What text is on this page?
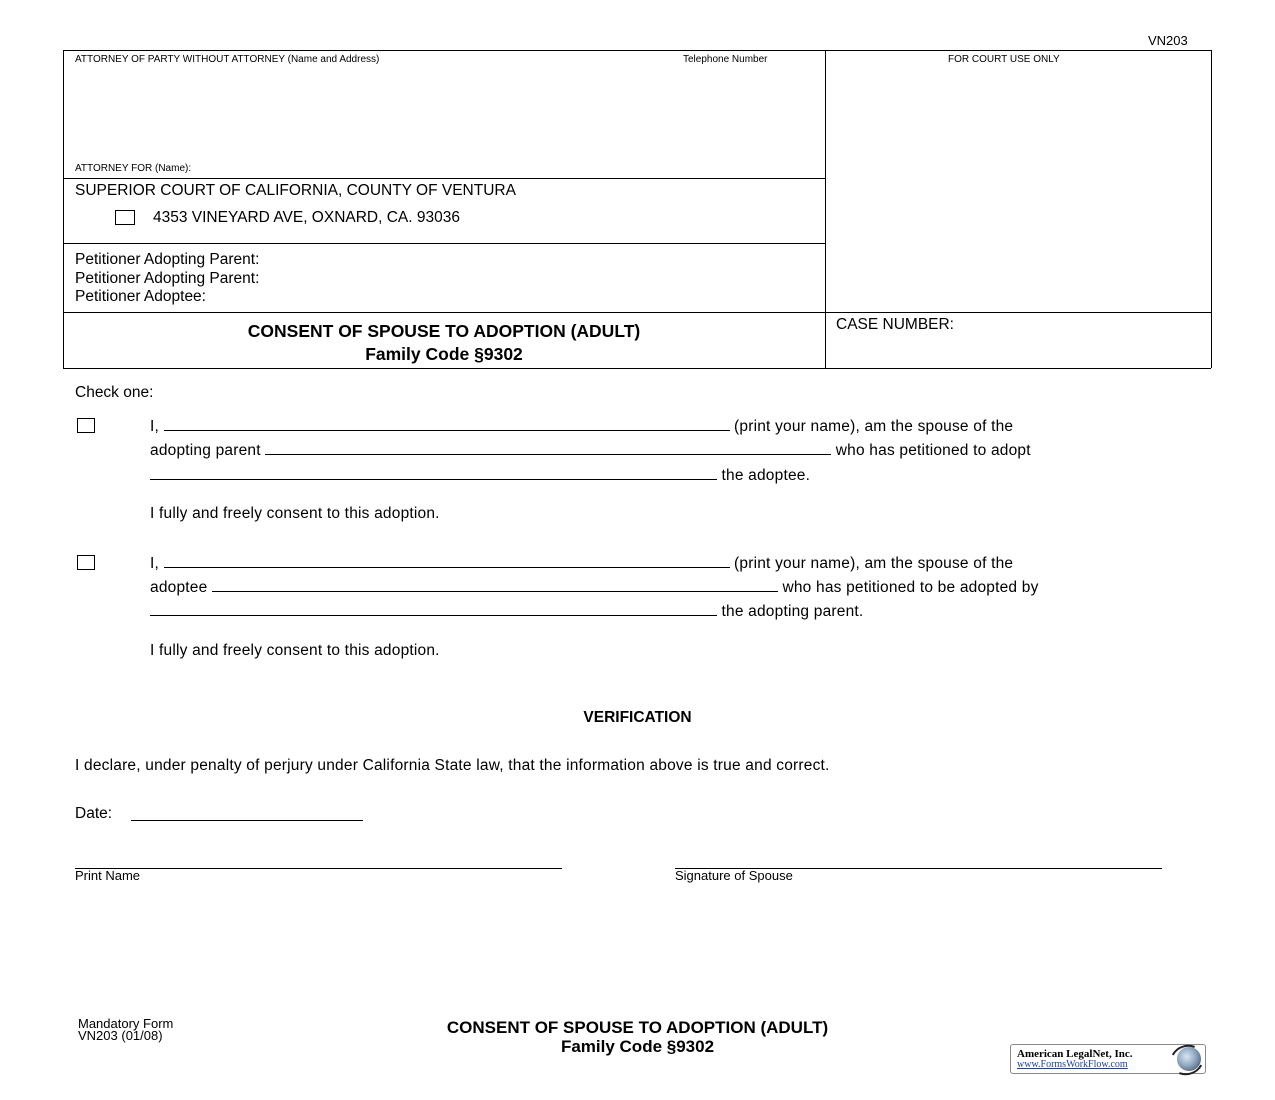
VN203
ATTORNEY OF PARTY WITHOUT ATTORNEY (Name and Address)	Telephone Number	FOR COURT USE ONLY
ATTORNEY FOR (Name):
SUPERIOR COURT OF CALIFORNIA, COUNTY OF VENTURA
4353 VINEYARD AVE, OXNARD, CA. 93036
Petitioner Adopting Parent:
Petitioner Adopting Parent:
Petitioner Adoptee:
CONSENT OF SPOUSE TO ADOPTION (ADULT)
Family Code §9302
CASE NUMBER:
Check one:
I,	(print your name), am the spouse of the
adopting parent	who has petitioned to adopt
the adoptee.
I fully and freely consent to this adoption.
I,	(print your name), am the spouse of the
adoptee	who has petitioned to be adopted by
the adopting parent.
I fully and freely consent to this adoption.
VERIFICATION
I declare, under penalty of perjury under California State law, that the information above is true and correct.
Date:
Print Name	Signature of Spouse
Mandatory Form
VN203 (01/08)	CONSENT OF SPOUSE TO ADOPTION (ADULT)
Family Code §9302	American LegalNet, Inc.
www.FormsWorkFlow.com
